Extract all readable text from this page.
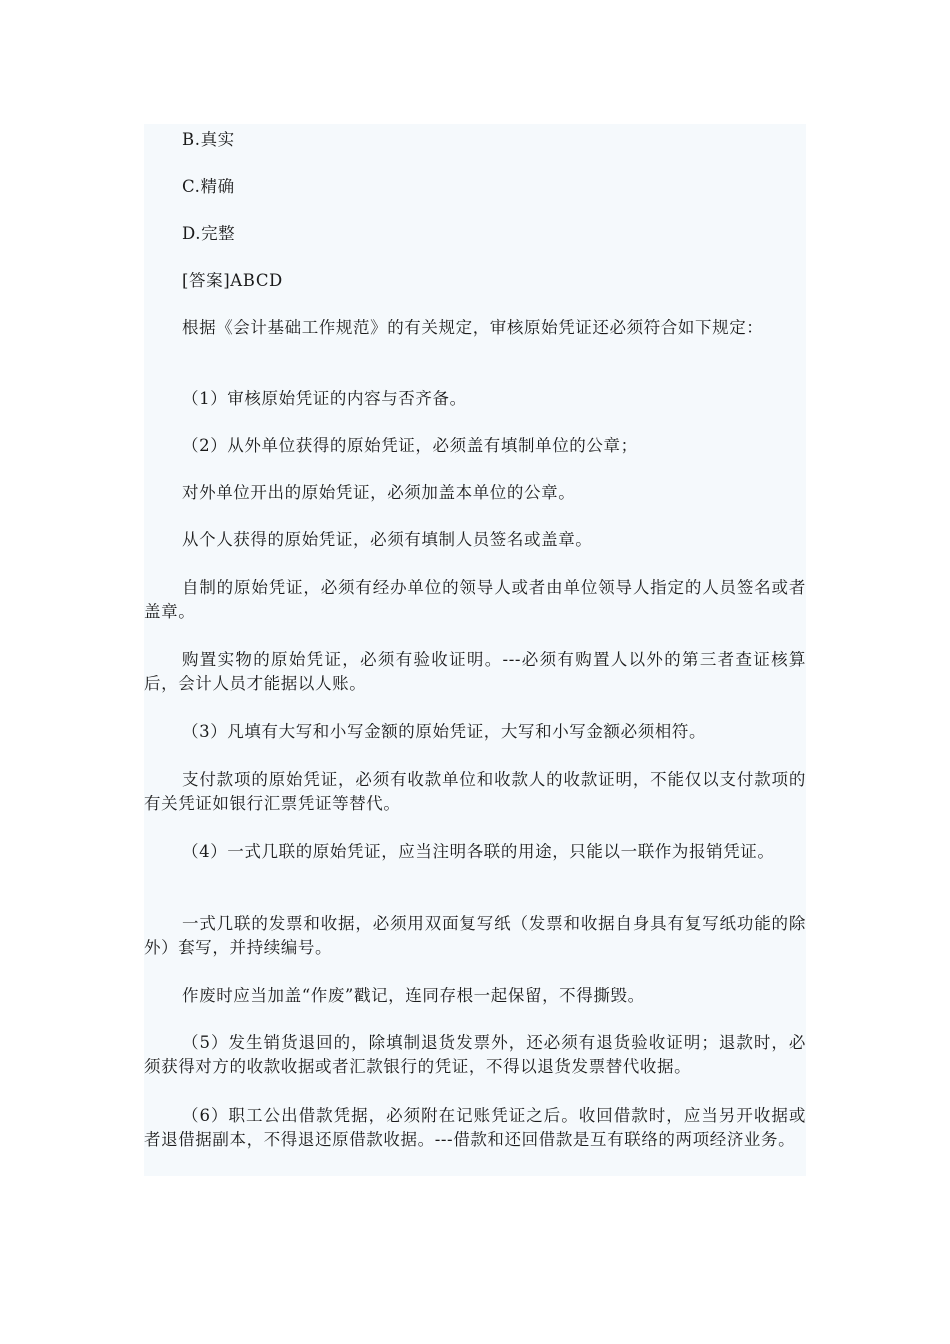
B.真实

C.精确

D.完整

[答案]ABCD

根据《会计基础工作规范》的有关规定，审核原始凭证还必须符合如下规定：

（1）审核原始凭证的内容与否齐备。

（2）从外单位获得的原始凭证，必须盖有填制单位的公章；

对外单位开出的原始凭证，必须加盖本单位的公章。

从个人获得的原始凭证，必须有填制人员签名或盖章。

自制的原始凭证，必须有经办单位的领导人或者由单位领导人指定的人员签名或者盖章。

购置实物的原始凭证，必须有验收证明。---必须有购置人以外的第三者查证核算后，会计人员才能据以人账。

（3）凡填有大写和小写金额的原始凭证，大写和小写金额必须相符。

支付款项的原始凭证，必须有收款单位和收款人的收款证明，不能仅以支付款项的有关凭证如银行汇票凭证等替代。

（4）一式几联的原始凭证，应当注明各联的用途，只能以一联作为报销凭证。

一式几联的发票和收据，必须用双面复写纸（发票和收据自身具有复写纸功能的除外）套写，并持续编号。

作废时应当加盖“作废”戳记，连同存根一起保留，不得撕毁。

（5）发生销货退回的，除填制退货发票外，还必须有退货验收证明；退款时，必须获得对方的收款收据或者汇款银行的凭证，不得以退货发票替代收据。

（6）职工公出借款凭据，必须附在记账凭证之后。收回借款时，应当另开收据或者退借据副本，不得退还原借款收据。---借款和还回借款是互有联络的两项经济业务。
